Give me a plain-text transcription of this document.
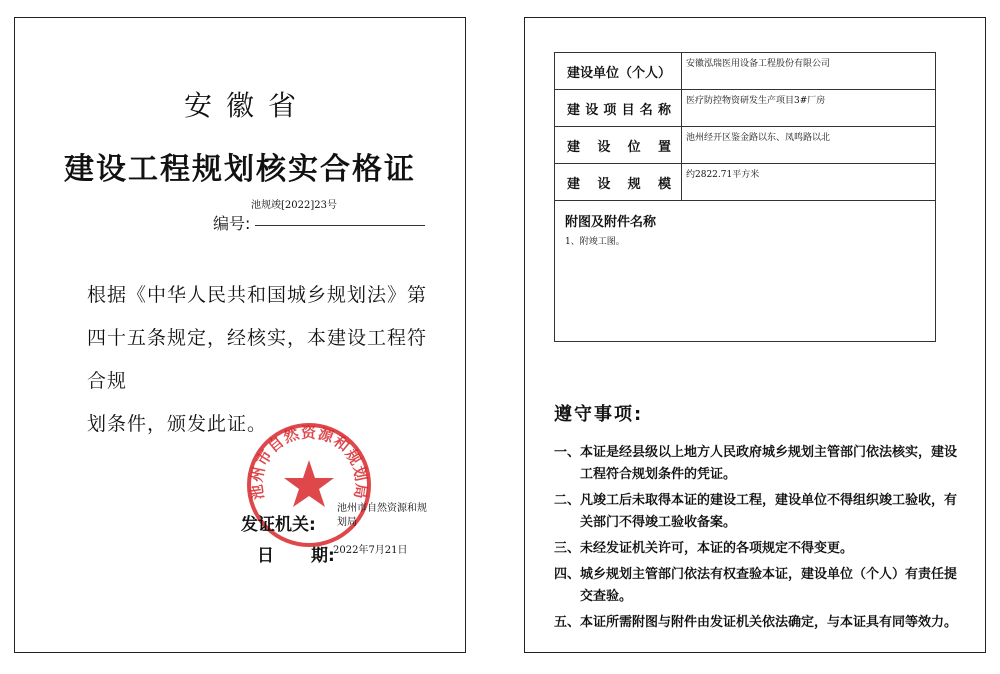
安徽省
建设工程规划核实合格证
池规竣[2022]23号
编号:

根据《中华人民共和国城乡规划法》第

四十五条规定，经核实，本建设工程符合规

划条件，颁发此证。

池州市自然资源和规划局
发证机关:
池州市自然资源和规划局
日 期:
2022年7月21日
建设单位（个人）
安徽泓瑞医用设备工程股份有限公司
建 设 项 目 名 称
医疗防控物资研发生产项目3#厂房
建 设 位 置
池州经开区鉴金路以东、凤鸣路以北
建 设 规 模
约2822.71平方米
附图及附件名称
1、附竣工图。
遵守事项:
一、 本证是经县级以上地方人民政府城乡规划主管部门依法核实，建设工程符合规划条件的凭证。
二、 凡竣工后未取得本证的建设工程，建设单位不得组织竣工验收，有关部门不得竣工验收备案。
三、 未经发证机关许可，本证的各项规定不得变更。
四、 城乡规划主管部门依法有权查验本证，建设单位（个人）有责任提交查验。
五、 本证所需附图与附件由发证机关依法确定，与本证具有同等效力。
